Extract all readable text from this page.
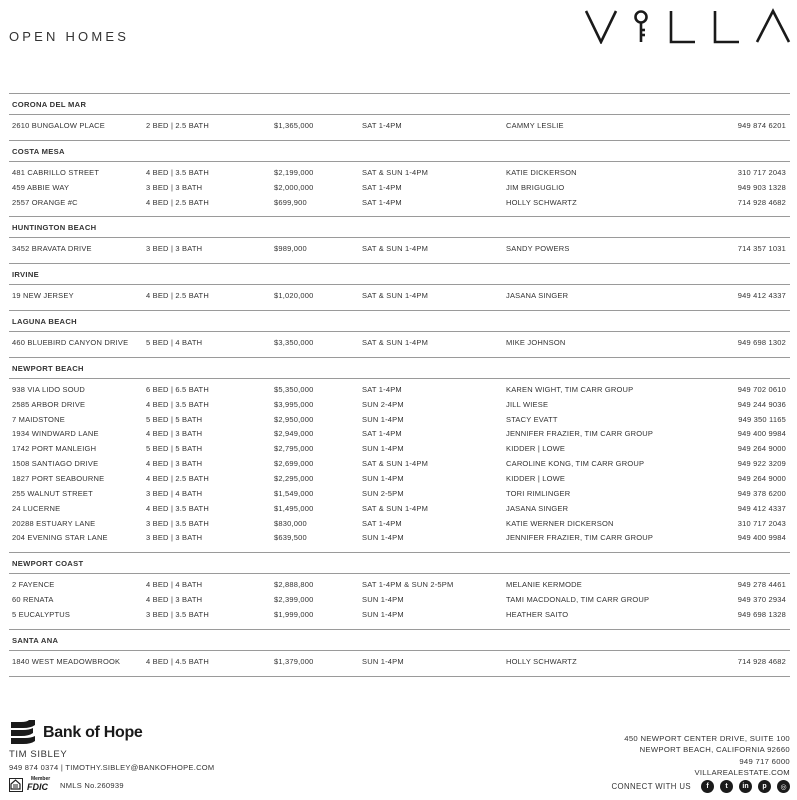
OPEN HOMES
CORONA DEL MAR
2610 BUNGALOW PLACE	2 BED | 2.5 BATH	$1,365,000	SAT 1-4PM	CAMMY LESLIE	949 874 6201
COSTA MESA
481 CABRILLO STREET	4 BED | 3.5 BATH	$2,199,000	SAT & SUN 1-4PM	KATIE DICKERSON	310 717 2043
459 ABBIE WAY	3 BED | 3 BATH	$2,000,000	SAT 1-4PM	JIM BRIGUGLIO	949 903 1328
2557 ORANGE #C	4 BED | 2.5 BATH	$699,900	SAT 1-4PM	HOLLY SCHWARTZ	714 928 4682
HUNTINGTON BEACH
3452 BRAVATA DRIVE	3 BED | 3 BATH	$989,000	SAT & SUN 1-4PM	SANDY POWERS	714 357 1031
IRVINE
19 NEW JERSEY	4 BED | 2.5 BATH	$1,020,000	SAT & SUN 1-4PM	JASANA SINGER	949 412 4337
LAGUNA BEACH
460 BLUEBIRD CANYON DRIVE 5 BED | 4 BATH	$3,350,000	SAT & SUN 1-4PM	MIKE JOHNSON	949 698 1302
NEWPORT BEACH
938 VIA LIDO SOUD	6 BED | 6.5 BATH	$5,350,000	SAT 1-4PM	KAREN WIGHT, TIM CARR GROUP	949 702 0610
2585 ARBOR DRIVE	4 BED | 3.5 BATH	$3,995,000	SUN 2-4PM	JILL WIESE	949 244 9036
7 MAIDSTONE	5 BED | 5 BATH	$2,950,000	SUN 1-4PM	STACY EVATT	949 350 1165
1934 WINDWARD LANE	4 BED | 3 BATH	$2,949,000	SAT 1-4PM	JENNIFER FRAZIER, TIM CARR GROUP	949 400 9984
1742 PORT MANLEIGH	5 BED | 5 BATH	$2,795,000	SUN 1-4PM	KIDDER | LOWE	949 264 9000
1508 SANTIAGO DRIVE	4 BED | 3 BATH	$2,699,000	SAT & SUN 1-4PM	CAROLINE KONG, TIM CARR GROUP	949 922 3209
1827 PORT SEABOURNE	4 BED | 2.5 BATH	$2,295,000	SUN 1-4PM	KIDDER | LOWE	949 264 9000
255 WALNUT STREET	3 BED | 4 BATH	$1,549,000	SUN 2-5PM	TORI RIMLINGER	949 378 6200
24 LUCERNE	4 BED | 3.5 BATH	$1,495,000	SAT & SUN 1-4PM	JASANA SINGER	949 412 4337
20288 ESTUARY LANE	3 BED | 3.5 BATH	$830,000	SAT 1-4PM	KATIE WERNER DICKERSON	310 717 2043
204 EVENING STAR LANE	3 BED | 3 BATH	$639,500	SUN 1-4PM	JENNIFER FRAZIER, TIM CARR GROUP	949 400 9984
NEWPORT COAST
2 FAYENCE	4 BED | 4 BATH	$2,888,800	SAT 1-4PM & SUN 2-5PM	MELANIE KERMODE	949 278 4461
60 RENATA	4 BED | 3 BATH	$2,399,000	SUN 1-4PM	TAMI MACDONALD, TIM CARR GROUP	949 370 2934
5 EUCALYPTUS	3 BED | 3.5 BATH	$1,999,000	SUN 1-4PM	HEATHER SAITO	949 698 1328
SANTA ANA
1840 WEST MEADOWBROOK	4 BED | 4.5 BATH	$1,379,000	SUN 1-4PM	HOLLY SCHWARTZ	714 928 4682
Bank of Hope
TIM SIBLEY
949 874 0374 | TIMOTHY.SIBLEY@BANKOFHOPE.COM
Member
FDIC NMLS No.260939
450 NEWPORT CENTER DRIVE, SUITE 100
NEWPORT BEACH, CALIFORNIA 92660
949 717 6000
VILLAREALESTATE.COM
CONNECT WITH US	f	t	in	p	◎
